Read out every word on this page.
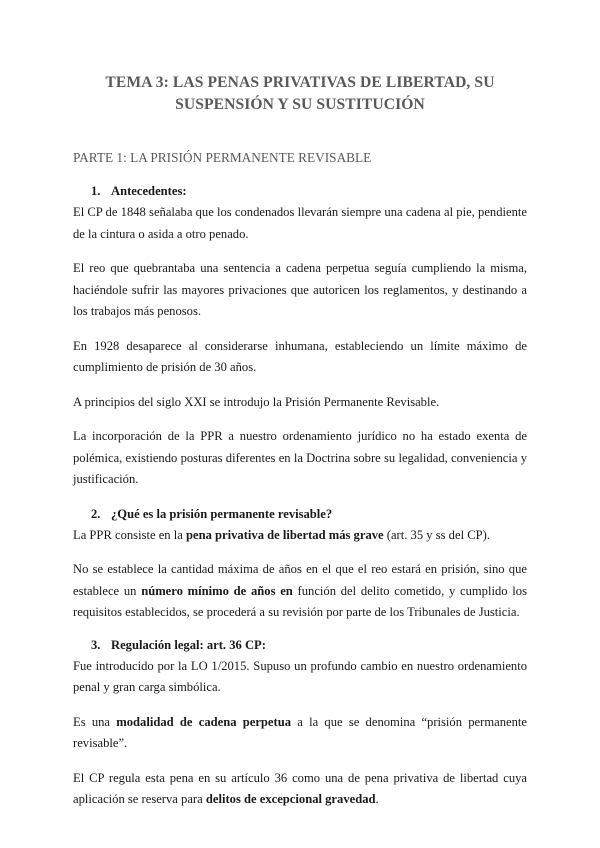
TEMA 3: LAS PENAS PRIVATIVAS DE LIBERTAD, SU SUSPENSIÓN Y SU SUSTITUCIÓN
PARTE 1: LA PRISIÓN PERMANENTE REVISABLE
1. Antecedentes:

El CP de 1848 señalaba que los condenados llevarán siempre una cadena al pie, pendiente de la cintura o asida a otro penado.

El reo que quebrantaba una sentencia a cadena perpetua seguía cumpliendo la misma, haciéndole sufrir las mayores privaciones que autoricen los reglamentos, y destinando a los trabajos más penosos.

En 1928 desaparece al considerarse inhumana, estableciendo un límite máximo de cumplimiento de prisión de 30 años.

A principios del siglo XXI se introdujo la Prisión Permanente Revisable.

La incorporación de la PPR a nuestro ordenamiento jurídico no ha estado exenta de polémica, existiendo posturas diferentes en la Doctrina sobre su legalidad, conveniencia y justificación.

2. ¿Qué es la prisión permanente revisable?

La PPR consiste en la pena privativa de libertad más grave (art. 35 y ss del CP).

No se establece la cantidad máxima de años en el que el reo estará en prisión, sino que establece un número mínimo de años en función del delito cometido, y cumplido los requisitos establecidos, se procederá a su revisión por parte de los Tribunales de Justicia.

3. Regulación legal: art. 36 CP:

Fue introducido por la LO 1/2015. Supuso un profundo cambio en nuestro ordenamiento penal y gran carga simbólica.

Es una modalidad de cadena perpetua a la que se denomina “prisión permanente revisable”.

El CP regula esta pena en su artículo 36 como una de pena privativa de libertad cuya aplicación se reserva para delitos de excepcional gravedad.
